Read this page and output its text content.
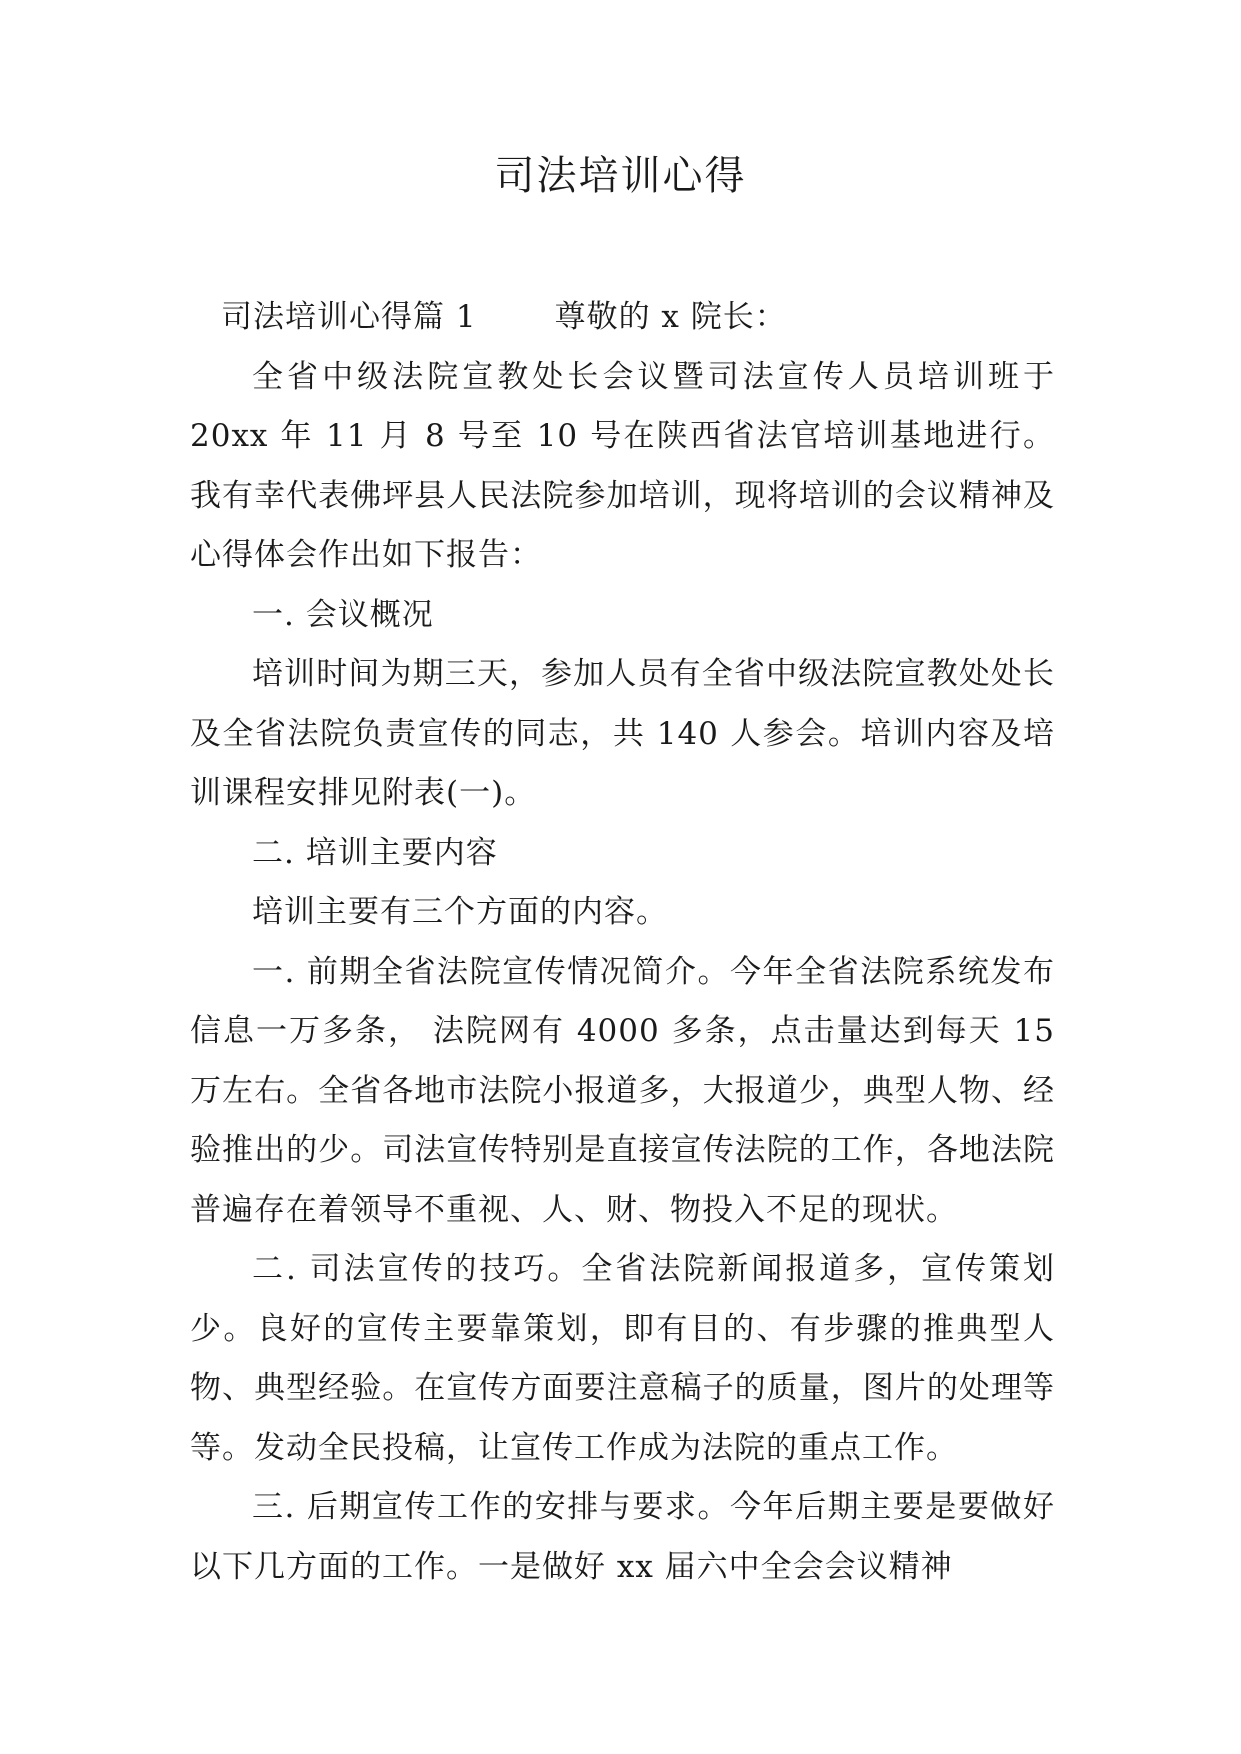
司法培训心得

司法培训心得篇 1	尊敬的 x 院长：

全省中级法院宣教处长会议暨司法宣传人员培训班于 20xx 年 11 月 8 号至 10 号在陕西省法官培训基地进行。我有幸代表佛坪县人民法院参加培训，现将培训的会议精神及心得体会作出如下报告：

一. 会议概况

培训时间为期三天，参加人员有全省中级法院宣教处处长及全省法院负责宣传的同志，共 140 人参会。培训内容及培训课程安排见附表(一)。

二. 培训主要内容

培训主要有三个方面的内容。

一. 前期全省法院宣传情况简介。今年全省法院系统发布信息一万多条， 法院网有 4000 多条，点击量达到每天 15 万左右。全省各地市法院小报道多，大报道少，典型人物、经验推出的少。司法宣传特别是直接宣传法院的工作，各地法院普遍存在着领导不重视、人、财、物投入不足的现状。

二. 司法宣传的技巧。全省法院新闻报道多，宣传策划少。良好的宣传主要靠策划，即有目的、有步骤的推典型人物、典型经验。在宣传方面要注意稿子的质量，图片的处理等等。发动全民投稿，让宣传工作成为法院的重点工作。

三. 后期宣传工作的安排与要求。今年后期主要是要做好以下几方面的工作。一是做好 xx 届六中全会会议精神
